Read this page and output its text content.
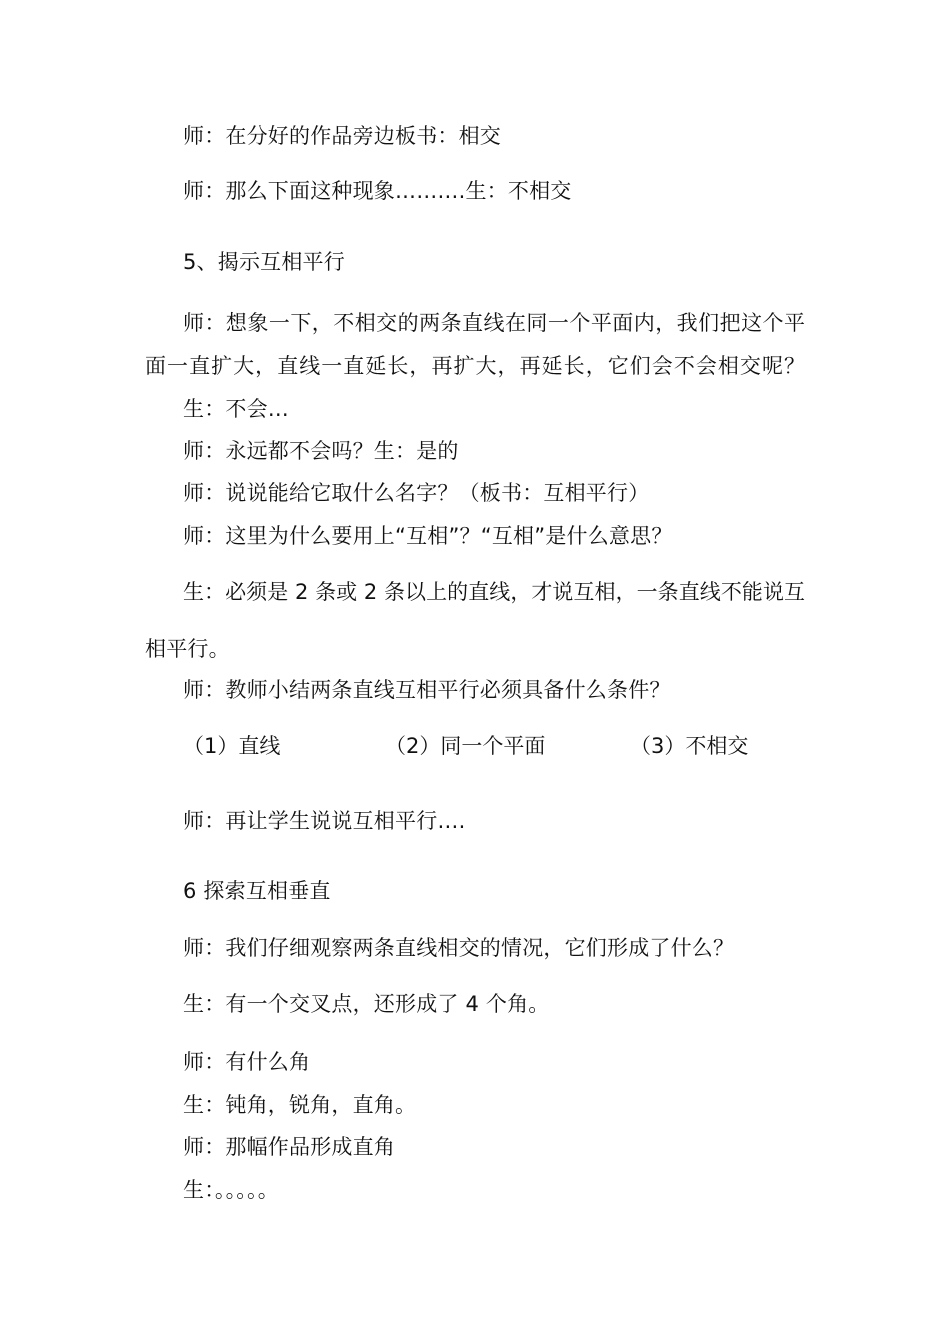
师：在分好的作品旁边板书：相交
师：那么下面这种现象……….生：不相交
5、揭示互相平行
师：想象一下，不相交的两条直线在同一个平面内，我们把这个平
面一直扩大，直线一直延长，再扩大，再延长，它们会不会相交呢？
生：不会…
师：永远都不会吗？生：是的
师：说说能给它取什么名字？（板书：互相平行）
师：这里为什么要用上“互相”？“互相”是什么意思？
生：必须是 2 条或 2 条以上的直线，才说互相，一条直线不能说互
相平行。
师：教师小结两条直线互相平行必须具备什么条件？
（1）直线	（2）同一个平面	（3）不相交
师：再让学生说说互相平行….
6 探索互相垂直
师：我们仔细观察两条直线相交的情况，它们形成了什么？
生：有一个交叉点，还形成了 4 个角。
师：有什么角
生：钝角，锐角，直角。
师：那幅作品形成直角
生：。。。。。
